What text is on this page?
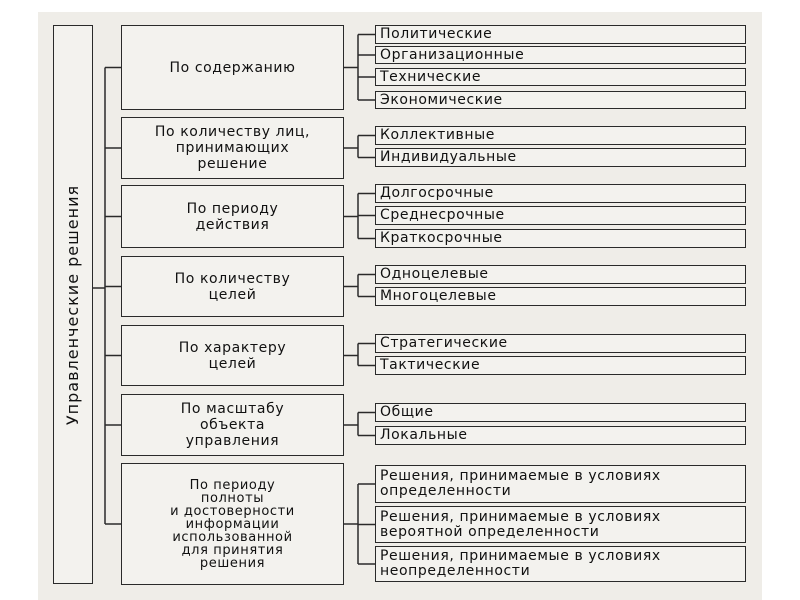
Управленческие решения
По содержанию
Политические
Организационные
Технические
Экономические
По количеству лиц,
принимающих
решение
Коллективные
Индивидуальные
По периоду
действия
Долгосрочные
Среднесрочные
Краткосрочные
По количеству
целей
Одноцелевые
Многоцелевые
По характеру
целей
Стратегические
Тактические
По масштабу
объекта
управления
Общие
Локальные
По периоду
полноты
и достоверности
информации
использованной
для принятия
решения
Решения, принимаемые в условиях определенности
Решения, принимаемые в условиях вероятной определенности
Решения, принимаемые в условиях неопределенности
